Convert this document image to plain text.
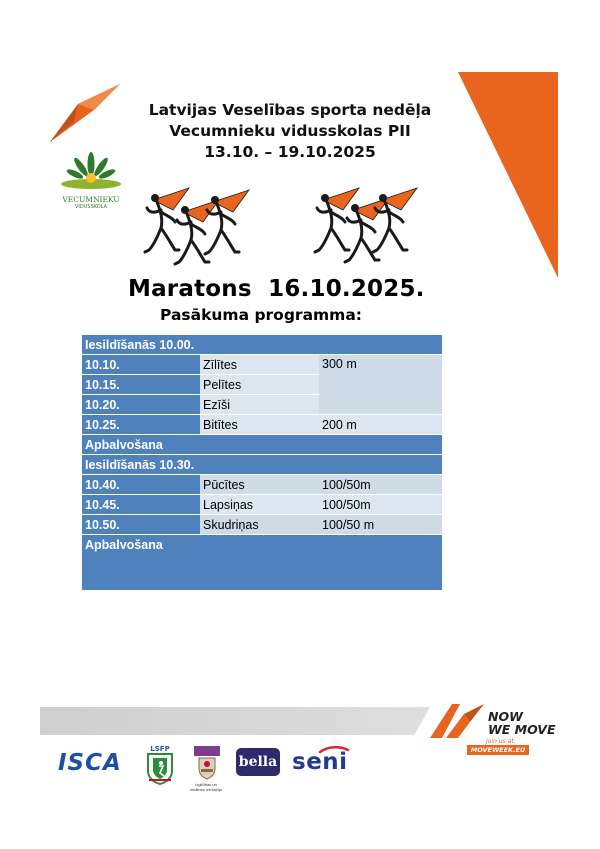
Latvijas Veselības sporta nedēļa
Vecumnieku vidusskolas PII
13.10. – 19.10.2025
VECUMNIEKU
VIDUSSKOLA
Maratons  16.10.2025.
Pasākuma programma:
Iesildīšanās 10.00.		
10.10.	Zīlītes	300 m
10.15.	Pelītes	
10.20.	Ezīši	
10.25.	Bitītes	200 m
Apbalvošana		
Iesildīšanās 10.30.		
10.40.	Pūcītes	100/50m
10.45.	Lapsiņas	100/50m
10.50.	Skudriņas	100/50 m
Apbalvošana		
NOW
WE MOVE
Join us at:
MOVEWEEK.EU
ISCA
LSFP
Izglītības un zinātnes ministrija
bella seni
